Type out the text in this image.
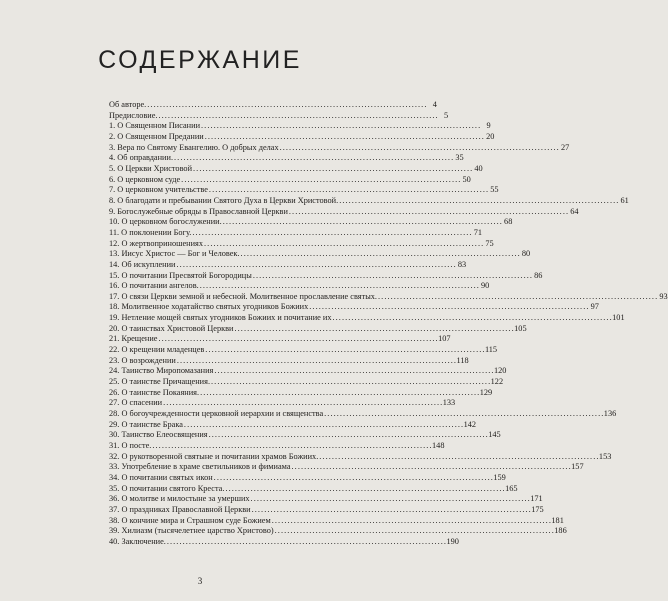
СОДЕРЖАНИЕ
Об авторе. . . .	4
Предисловие. . . .	5
1. О Священном Писании . . .	9
2. О Священном Предании . . .	20
3. Вера по Святому Евангелию. О добрых делах . . .	27
4. Об оправдании. . . .	35
5. О Церкви Христовой . . .	40
6. О церковном суде . . .	50
7. О церковном учительстве . . .	55
8. О благодати и пребывании Святого Духа в Церкви Христовой. . . .	61
9. Богослужебные обряды в Православной Церкви . . .	64
10. О церковном богослужении. . . .	68
11. О поклонении Богу. . . .	71
12. О жертвоприношениях . . .	75
13. Иисус Христос — Бог и Человек. . . .	80
14. Об искуплении . . .	83
15. О почитании Пресвятой Богородицы . . .	86
16. О почитании ангелов. . . .	90
17. О связи Церкви земной и небесной. Молитвенное прославление святых. . . .	93
18. Молитвенное ходатайство святых угодников Божиих . . .	97
19. Нетление мощей святых угодников Божиих и почитание их . . .	101
20. О таинствах Христовой Церкви . . .	105
21. Крещение . . .	107
22. О крещении младенцев . . .	115
23. О возрождении . . .	118
24. Таинство Миропомазания . . .	120
25. О таинстве Причащения. . . .	122
26. О таинстве Покаяния. . . .	129
27. О спасении . . .	133
28. О богоучрежденности церковной иерархии и священства . . .	136
29. О таинстве Брака . . .	142
30. Таинство Елеосвящения . . .	145
31. О посте. . . .	148
32. О рукотворенной святыне и почитании храмов Божиих. . . .	153
33. Употребление в храме светильников и фимиама . . .	157
34. О почитании святых икон . . .	159
35. О почитании святого Креста. . . .	165
36. О молитве и милостыне за умерших . . .	171
37. О праздниках Православной Церкви . . .	175
38. О кончине мира и Страшном суде Божием . . .	181
39. Хилиазм (тысячелетнее царство Христово) . . .	186
40. Заключение. . . .	190
3
